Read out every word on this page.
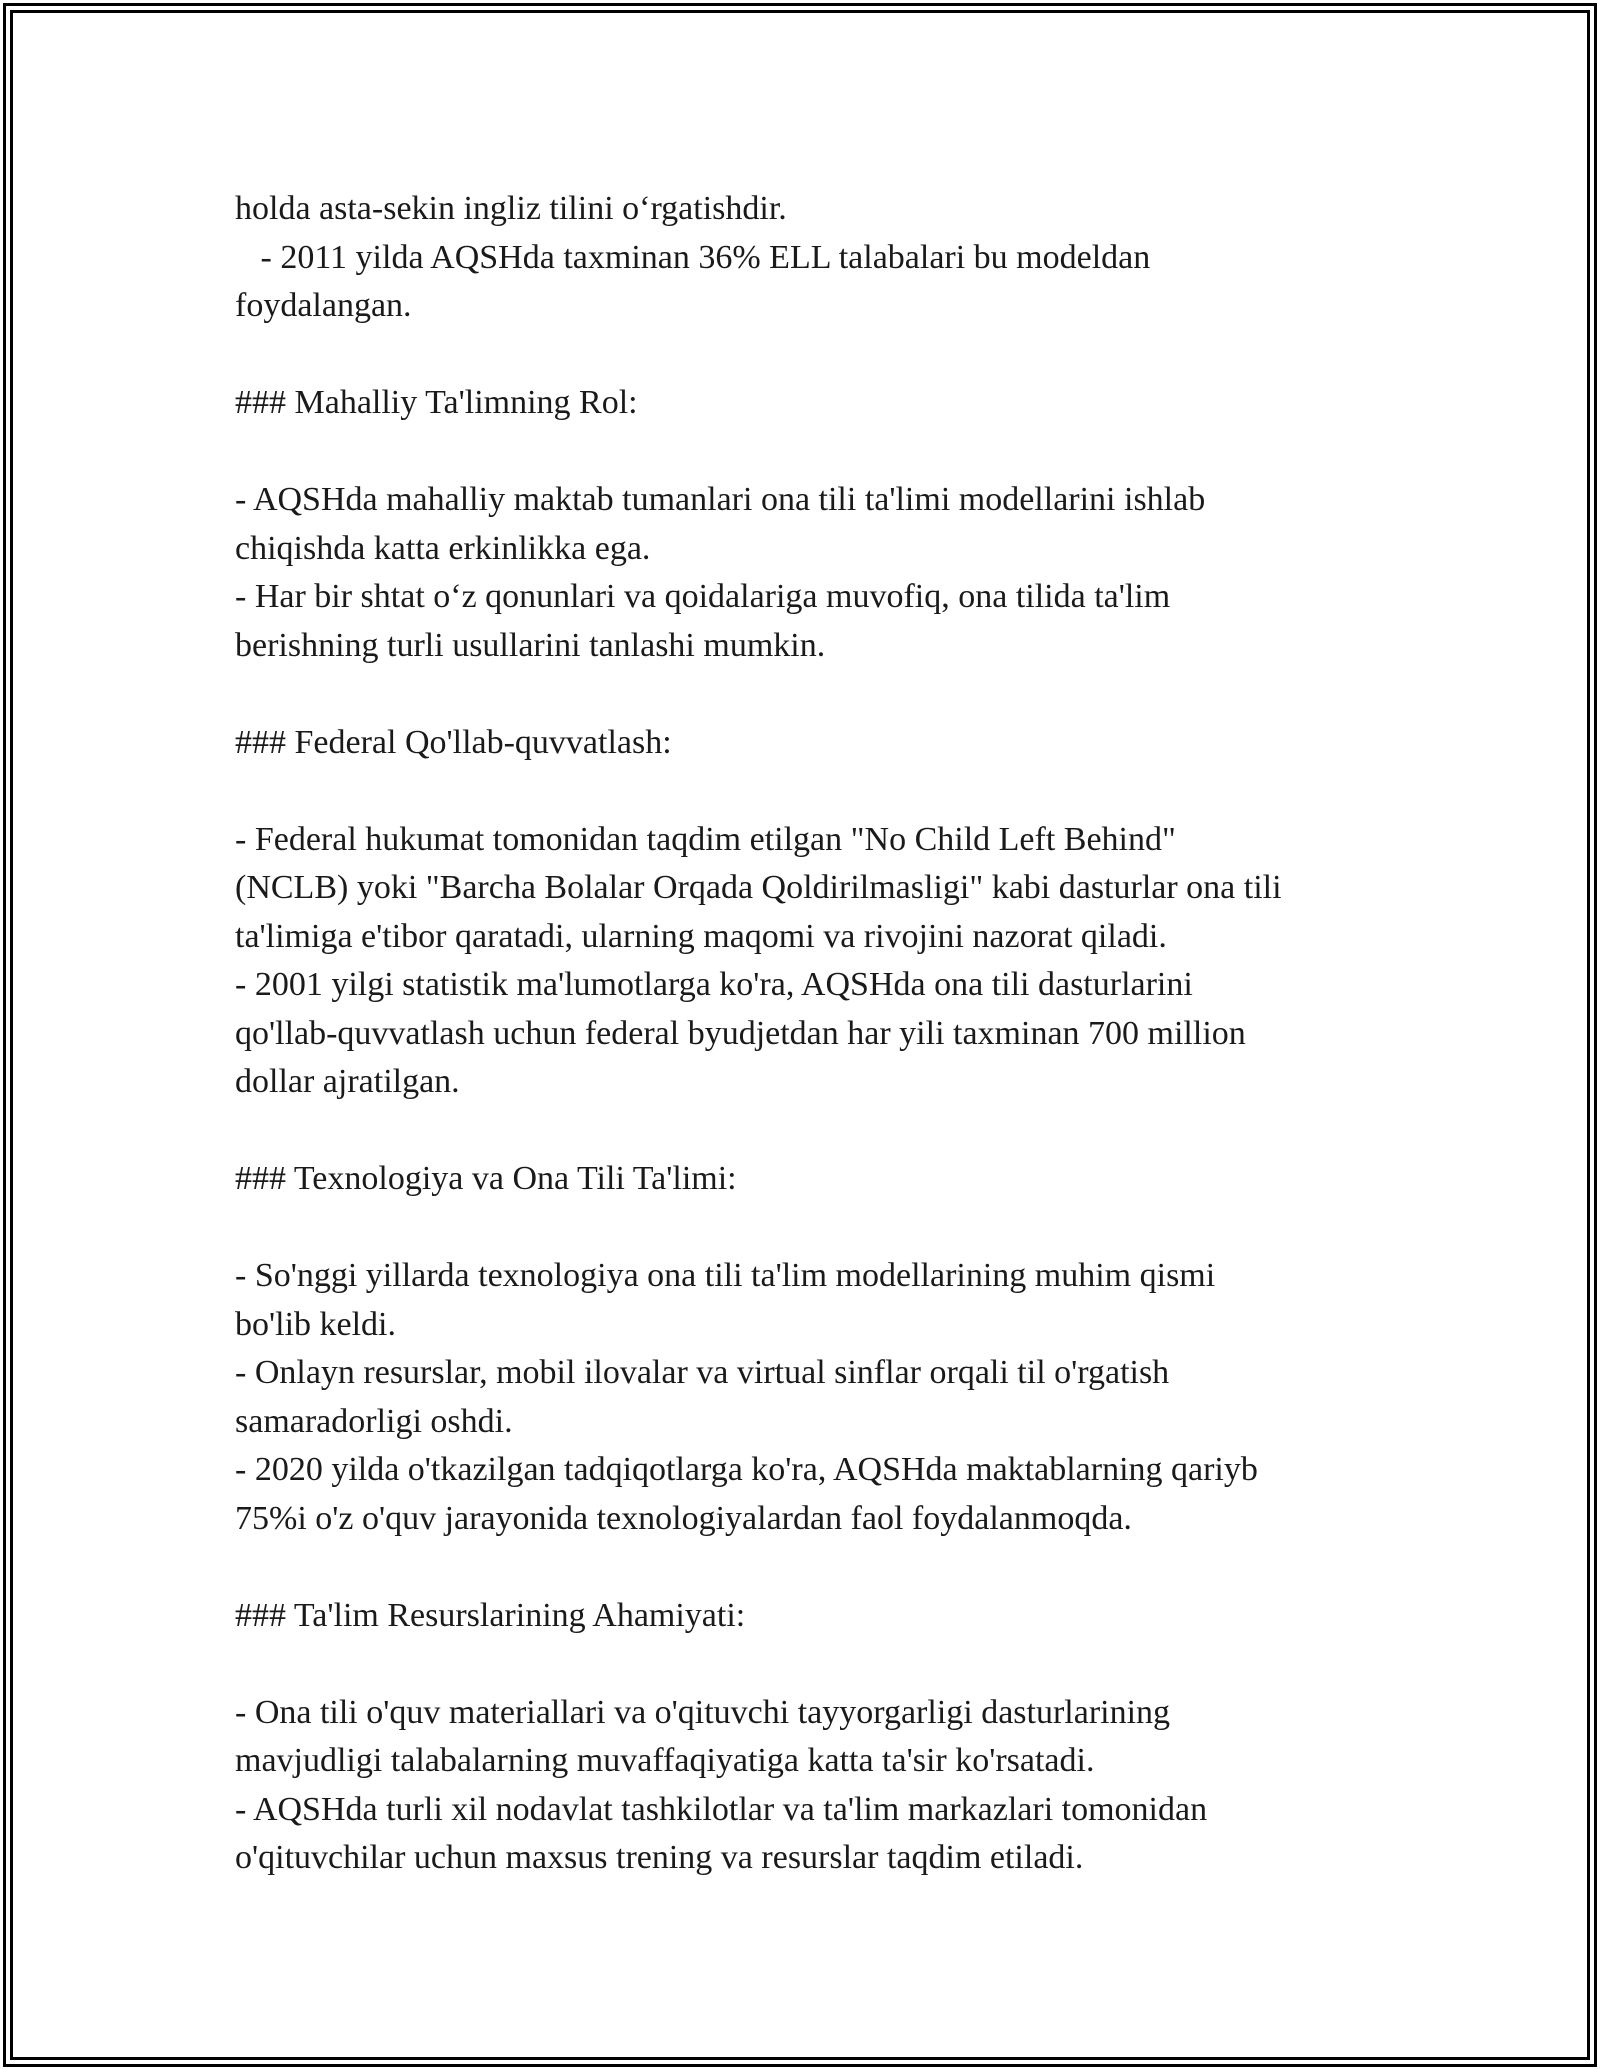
holda asta-sekin ingliz tilini o‘rgatishdir.
- 2011 yilda AQSHda taxminan 36% ELL talabalari bu modeldan
foydalangan.
### Mahalliy Ta'limning Rol:
- AQSHda mahalliy maktab tumanlari ona tili ta'limi modellarini ishlab
chiqishda katta erkinlikka ega.
- Har bir shtat o‘z qonunlari va qoidalariga muvofiq, ona tilida ta'lim
berishning turli usullarini tanlashi mumkin.
### Federal Qo'llab-quvvatlash:
- Federal hukumat tomonidan taqdim etilgan "No Child Left Behind"
(NCLB) yoki "Barcha Bolalar Orqada Qoldirilmasligi" kabi dasturlar ona tili
ta'limiga e'tibor qaratadi, ularning maqomi va rivojini nazorat qiladi.
- 2001 yilgi statistik ma'lumotlarga ko'ra, AQSHda ona tili dasturlarini
qo'llab-quvvatlash uchun federal byudjetdan har yili taxminan 700 million
dollar ajratilgan.
### Texnologiya va Ona Tili Ta'limi:
- So'nggi yillarda texnologiya ona tili ta'lim modellarining muhim qismi
bo'lib keldi.
- Onlayn resurslar, mobil ilovalar va virtual sinflar orqali til o'rgatish
samaradorligi oshdi.
- 2020 yilda o'tkazilgan tadqiqotlarga ko'ra, AQSHda maktablarning qariyb
75%i o'z o'quv jarayonida texnologiyalardan faol foydalanmoqda.
### Ta'lim Resurslarining Ahamiyati:
- Ona tili o'quv materiallari va o'qituvchi tayyorgarligi dasturlarining
mavjudligi talabalarning muvaffaqiyatiga katta ta'sir ko'rsatadi.
- AQSHda turli xil nodavlat tashkilotlar va ta'lim markazlari tomonidan
o'qituvchilar uchun maxsus trening va resurslar taqdim etiladi.
